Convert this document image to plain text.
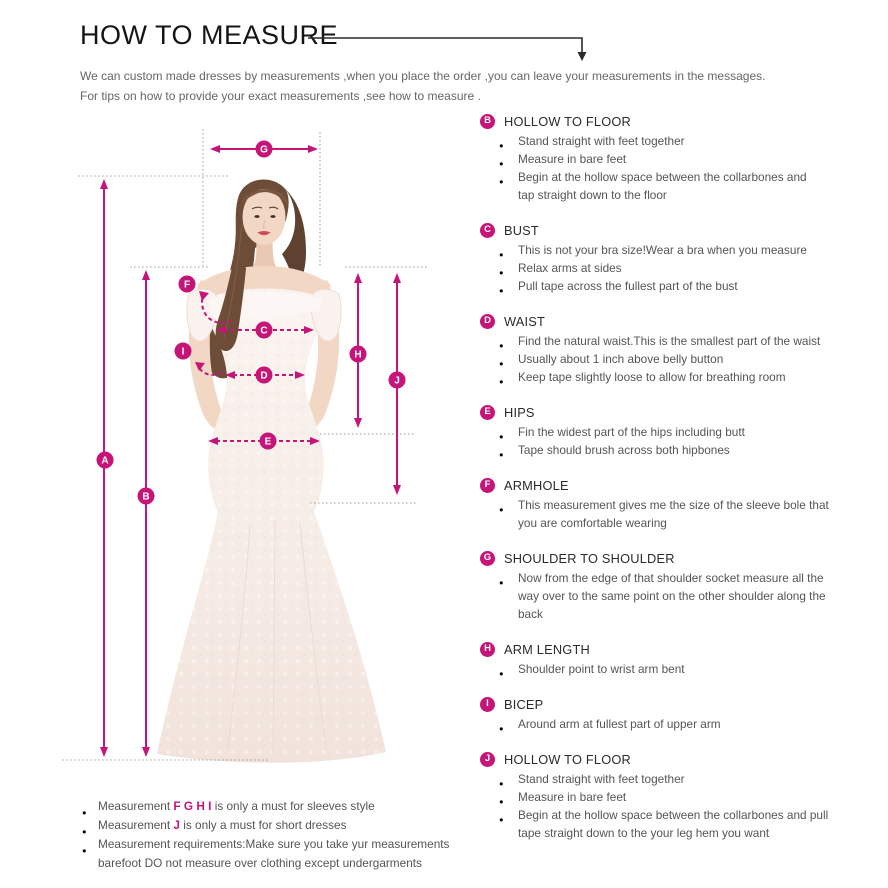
HOW TO MEASURE
We can custom made dresses by measurements ,when you place the order ,you can leave your measurements in the messages.
For tips on how to provide your exact measurements ,see how to measure .
A
B
C
D
E
F
G
H
I
J
B	HOLLOW TO FLOOR
● Stand straight with feet together
● Measure in bare feet
● Begin at the hollow space between the collarbones and
tap straight down to the floor
C	BUST
● This is not your bra size!Wear a bra when you measure
● Relax arms at sides
● Pull tape across the fullest part of the bust
D	WAIST
● Find the natural waist.This is the smallest part of the waist
● Usually about 1 inch above belly button
● Keep tape slightly loose to allow for breathing room
E	HIPS
● Fin the widest part of the hips including butt
● Tape should brush across both hipbones
F	ARMHOLE
● This measurement gives me the size of the sleeve bole that
you are comfortable wearing
G SHOULDER TO SHOULDER
● Now from the edge of that shoulder socket measure all the
way over to the same point on the other shoulder along the
back
H	ARM LENGTH
● Shoulder point to wrist arm bent
I	BICEP
● Around arm at fullest part of upper arm
J	HOLLOW TO FLOOR
● Stand straight with feet together
● Measure in bare feet
● Begin at the hollow space between the collarbones and pull
tape straight down to the your leg hem you want
● Measurement F G H I is only a must for sleeves style
● Measurement J is only a must for short dresses
● Measurement requirements:Make sure you take yur measurements
barefoot DO not measure over clothing except undergarments
